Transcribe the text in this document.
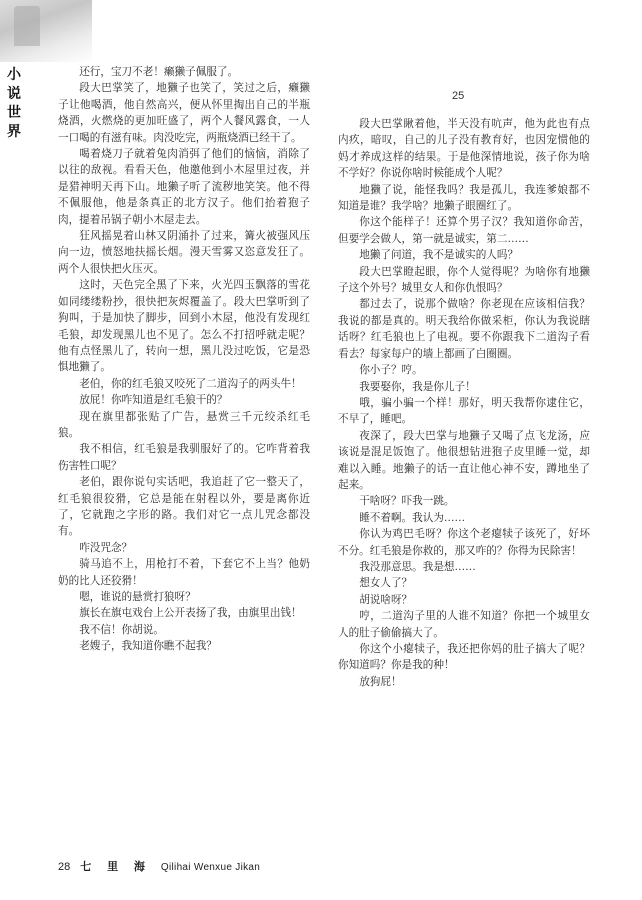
小说世界
25

还行，宝刀不老！癞獭子佩服了。

段大巴掌笑了，地獭子也笑了，笑过之后，癞獭子让他喝酒，他自然高兴，便从怀里掏出自己的半瓶烧酒，火燃烧的更加旺盛了，两个人餐风露食，一人一口喝的有滋有味。肉没吃完，两瓶烧酒已经干了。

喝着烧刀子就着兔肉消弭了他们的恼恼，消除了以往的敌视。看看天色，他邀他到小木屋里过夜，并是猎神明天再下山。地獭子听了流秽地笑笑。他不得不佩服他，他是条真正的北方汉子。他们抬着狍子肉，提着吊锅子朝小木屋走去。

狂风摇晃着山林又阴涌扑了过来，篝火被强风压向一边，愤怒地扶摇长烟。漫天雪雾又恣意发狂了。两个人很快把火压灭。

这时，天色完全黑了下来，火光四玉飘落的雪花如同缕缕粉抄，很快把灰烬覆盖了。段大巴掌听到了狗叫，于是加快了脚步，回到小木屋，他没有发现红毛狼，却发现黑儿也不见了。怎么不打招呼就走呢？他有点怪黑儿了，转向一想，黑儿没过吃饭，它是恐惧地獭了。

老伯，你的红毛狼又咬死了二道沟子的两头牛！

放屁！你咋知道是红毛狼干的？

现在旗里都张贴了广告，悬赏三千元绞杀红毛狼。

我不相信，红毛狼是我驯服好了的。它咋背着我伤害牲口呢？

老伯，跟你说句实话吧，我追赶了它一整天了，红毛狼很狡猾，它总是能在射程以外，要是离你近了，它就跑之字形的路。我们对它一点儿咒念都没有。

咋没咒念？

骑马追不上，用枪打不着，下套它不上当？他奶奶的比人还狡猾！

嗯，谁说的悬赏打狼呀？

旗长在旗屯戏台上公开表扬了我，由旗里出钱！

我不信！你胡说。

老嫂子，我知道你瞧不起我？

段大巴掌瞅着他，半天没有吭声，他为此也有点内疚，暗叹，自己的儿子没有教育好，也因宠惯他的妈才养成这样的结果。于是他深情地说，孩子你为啥不学好？你说你啥时候能成个人呢？

地獭了说，能怪我吗？我是孤儿，我连爹娘都不知道是谁？我学啥？地獭子眼圈红了。

你这个能样子！还算个男子汉？我知道你命苦，但要学会做人，第一就是诚实，第二……

地獭了问道，我不是诚实的人吗？

段大巴掌瞪起眼，你个人觉得呢？为啥你有地獭子这个外号？城里女人和你仇恨吗？

都过去了，说那个做啥？你老现在应该相信我？我说的都是真的。明天我给你做采柜，你认为我说瞎话呀？红毛狼也上了电视。要不你跟我下二道沟子看看去？每家每户的墙上都画了白圈圈。

你小子？哼。

我要娶你，我是你儿子！

哦，骗小骗一个样！那好，明天我帮你逮住它，不早了，睡吧。

夜深了，段大巴掌与地獭子又喝了点飞龙汤，应该说是混足饭饱了。他很想钻进狍子皮里睡一觉，却难以入睡。地獭子的话一直让他心神不安，蹲地坐了起来。

干啥呀？吓我一跳。

睡不着啊。我认为……

你认为鸡巴毛呀？你这个老瘪犊子该死了，好坏不分。红毛狼是你救的，那又咋的？你得为民除害！

我没那意思。我是想……

想女人了？

胡说啥呀？

哼，二道沟子里的人谁不知道？你把一个城里女人的肚子偷偷搞大了。

你这个小瘪犊子，我还把你妈的肚子搞大了呢？你知道吗？你是我的种！

放狗屁！

28 七 里 海 Qilihai Wenxue Jikan
